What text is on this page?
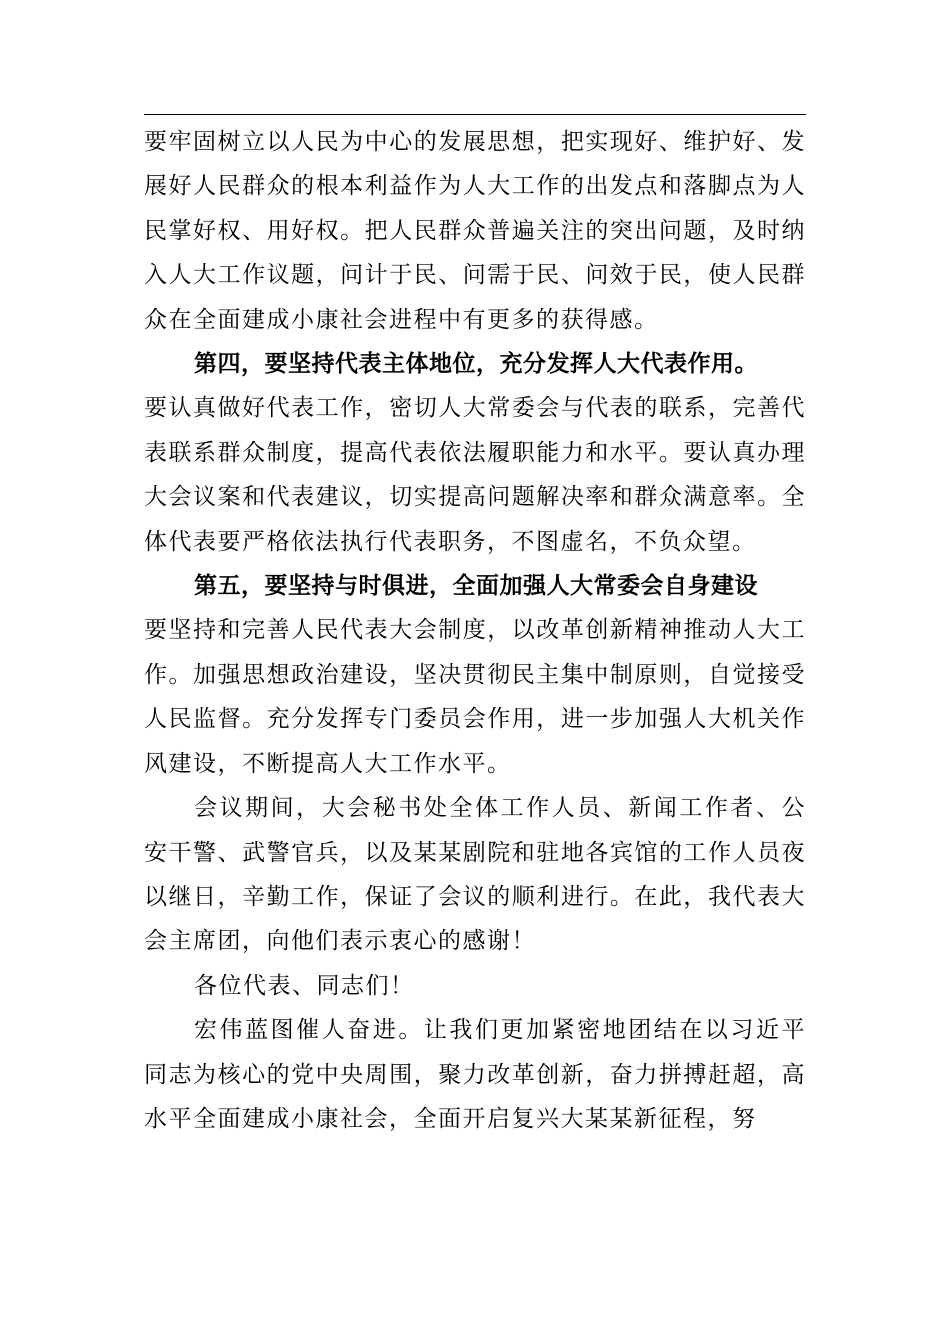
要牢固树立以人民为中心的发展思想，把实现好、维护好、发展好人民群众的根本利益作为人大工作的出发点和落脚点为人民掌好权、用好权。把人民群众普遍关注的突出问题，及时纳入人大工作议题，问计于民、问需于民、问效于民，使人民群众在全面建成小康社会进程中有更多的获得感。

第四，要坚持代表主体地位，充分发挥人大代表作用。
要认真做好代表工作，密切人大常委会与代表的联系，完善代表联系群众制度，提高代表依法履职能力和水平。要认真办理大会议案和代表建议，切实提高问题解决率和群众满意率。全体代表要严格依法执行代表职务，不图虚名，不负众望。

第五，要坚持与时俱进，全面加强人大常委会自身建设
要坚持和完善人民代表大会制度，以改革创新精神推动人大工作。加强思想政治建设，坚决贯彻民主集中制原则，自觉接受人民监督。充分发挥专门委员会作用，进一步加强人大机关作风建设，不断提高人大工作水平。

会议期间，大会秘书处全体工作人员、新闻工作者、公安干警、武警官兵，以及某某剧院和驻地各宾馆的工作人员夜以继日，辛勤工作，保证了会议的顺利进行。在此，我代表大会主席团，向他们表示衷心的感谢！

各位代表、同志们！

宏伟蓝图催人奋进。让我们更加紧密地团结在以习近平同志为核心的党中央周围，聚力改革创新，奋力拼搏赶超，高水平全面建成小康社会，全面开启复兴大某某新征程，努
